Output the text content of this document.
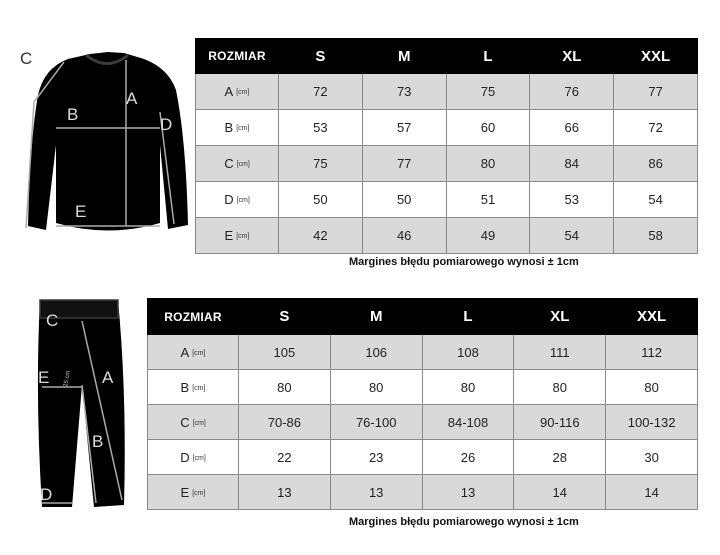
C
B
A
D
E
C
E	A
B
D
15 cm
ROZMIAR	S	M	L	XL	XXL
A [cm]	72	73	75	76	77
B [cm]	53	57	60	66	72
C [cm]	75	77	80	84	86
D [cm]	50	50	51	53	54
E [cm]	42	46	49	54	58
Margines błędu pomiarowego wynosi ± 1cm
ROZMIAR	S	M	L	XL	XXL
A [cm]	105	106	108	111	112
B [cm]	80	80	80	80	80
C [cm]	70-86	76-100	84-108	90-116	100-132
D [cm]	22	23	26	28	30
E [cm]	13	13	13	14	14
Margines błędu pomiarowego wynosi ± 1cm
